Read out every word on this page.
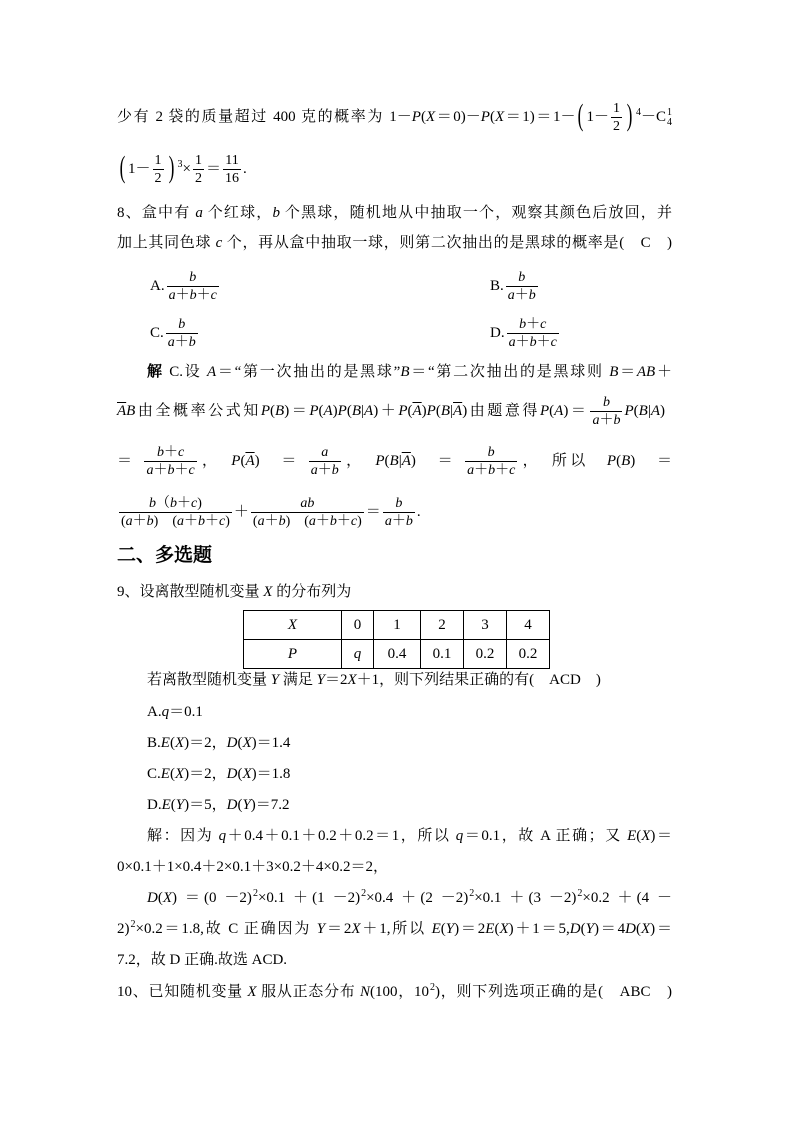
少有 2 袋的质量超过 400 克的概率为 1－P(X＝0)－P(X＝1)＝1－ ( $1- \frac{1}{2}$ ) $^4$－C 1
4
( $1- \frac{1}{2}$ ) $^3\times \frac{1}{2} = \frac{11}{16}$ .
8、盒中有 a 个红球，b 个黑球，随机地从中抽取一个，观察其颜色后放回，并
加上其同色球 c 个，再从盒中抽取一球，则第二次抽出的是黑球的概率是(　C　)
A. $\frac{b}{a+b+c}$	B. $\frac{b}{a+b}$
C. $\frac{b}{a+b}$	D. $\frac{b+c}{a+b+c}$
解 C.设 A＝“第一次抽出的是黑球”B＝“第二次抽出的是黑球则 B＝AB＋
$\overline{A}B$由全概率公式知$P(B)=P(A)P(B|A)+P(\overline{A})P(B|\overline{A})$由题意得$P(A)= \frac{b}{a+b} P(B|A)$
＝ $\frac{b+c}{a+b+c}$ ，　$P(\overline{A})$　＝ $\frac{a}{a+b}$ ，　$P(B|\overline{A})$　＝ $\frac{b}{a+b+c}$ ，　所以　P(B)　＝
$\frac{b(b+c)}{(a+b) (a+b+c)} + \frac{ab}{(a+b) (a+b+c)} = \frac{b}{a+b}$ .
二、多选题
9、设离散型随机变量 X 的分布列为
X	0	1	2	3	4
P	q	0.4	0.1	0.2	0.2
若离散型随机变量 Y 满足 Y＝2X＋1，则下列结果正确的有(　ACD　)
A.q＝0.1
B.E(X)＝2，D(X)＝1.4
C.E(X)＝2，D(X)＝1.8
D.E(Y)＝5，D(Y)＝7.2
解：因为 q＋0.4＋0.1＋0.2＋0.2＝1，所以 q＝0.1，故 A 正确；又 E(X)＝
0×0.1＋1×0.4＋2×0.1＋3×0.2＋4×0.2＝2，
$D(X) =(0 -2)^2\times 0.1 +(1 -2)^2\times 0.4 +(2 -2)^2\times 0.1 +(3 -2)^2\times 0.2 +(4$ －
2)$^2$×0.2＝1.8,故 C 正确因为 Y＝2X＋1,所以 E(Y)＝2E(X)＋1＝5,D(Y)＝4D(X)＝
7.2，故 D 正确.故选 ACD.
10、已知随机变量 X 服从正态分布 N(100，$10^2$)，则下列选项正确的是(　ABC　)
